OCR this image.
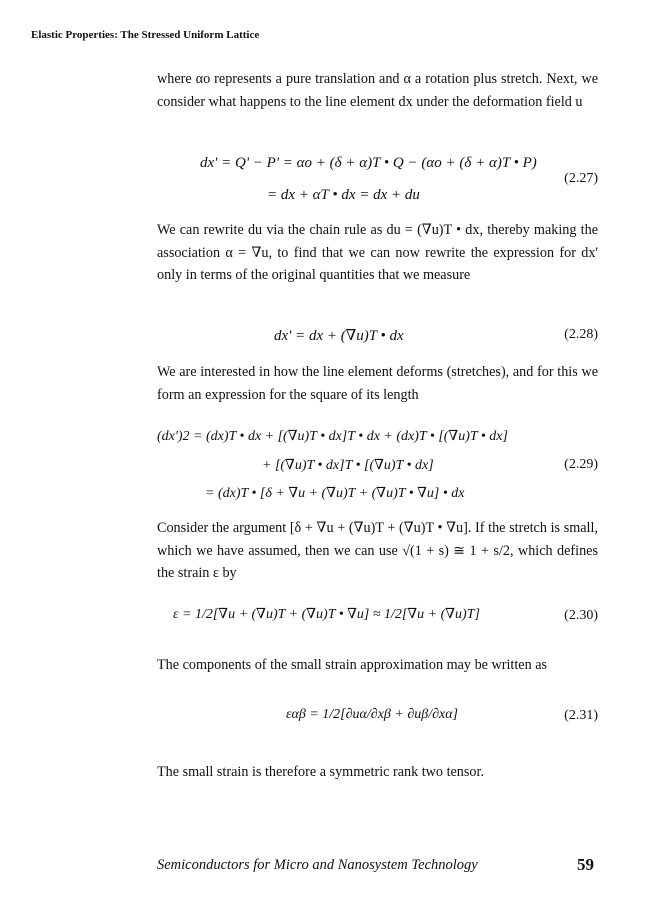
Elastic Properties: The Stressed Uniform Lattice

where αo represents a pure translation and α a rotation plus stretch. Next, we consider what happens to the line element dx under the deformation field u

dx' = Q' − P' = αo + (δ + α)T • Q − (αo + (δ + α)T • P)
= dx + αT • dx = dx + du
(2.27)

We can rewrite du via the chain rule as du = (∇u)T • dx, thereby making the association α = ∇u, to find that we can now rewrite the expression for dx' only in terms of the original quantities that we measure

dx' = dx + (∇u)T • dx	(2.28)

We are interested in how the line element deforms (stretches), and for this we form an expression for the square of its length

(dx')2 = (dx)T • dx + [(∇u)T • dx]T • dx + (dx)T • [(∇u)T • dx]
+ [(∇u)T • dx]T • [(∇u)T • dx]
= (dx)T • [δ + ∇u + (∇u)T + (∇u)T • ∇u] • dx
(2.29)

Consider the argument [δ + ∇u + (∇u)T + (∇u)T • ∇u]. If the stretch is small, which we have assumed, then we can use √(1 + s) ≅ 1 + s/2, which defines the strain ε by

ε = 1/2[∇u + (∇u)T + (∇u)T • ∇u] ≈ 1/2[∇u + (∇u)T]	(2.30)

The components of the small strain approximation may be written as

εαβ = 1/2[∂uα/∂xβ + ∂uβ/∂xα]	(2.31)

The small strain is therefore a symmetric rank two tensor.

Semiconductors for Micro and Nanosystem Technology	59
